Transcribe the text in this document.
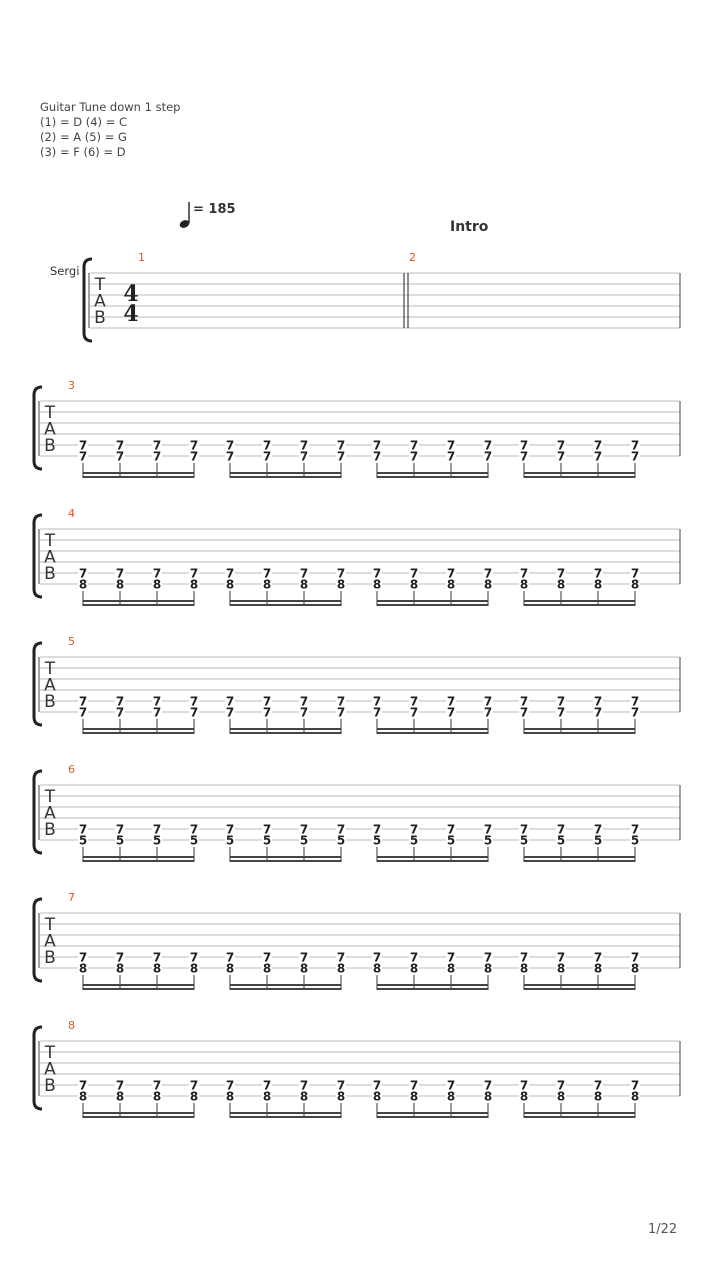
Guitar Tune down 1 step
(1) = D (4) = C
(2) = A (5) = G
(3) = F (6) = D
= 185
Intro
Sergi
T
A
B
4
4
1	2
T
A
B
3
7
7
7
7
7
7
7
7
7
7
7
7
7
7
7
7
7
7
7
7
7
7
7
7
7
7
7
7
7
7
7
7
T
A
B
4
7
8
7
8
7
8
7
8
7
8
7
8
7
8
7
8
7
8
7
8
7
8
7
8
7
8
7
8
7
8
7
8
T
A
B
5
7
7
7
7
7
7
7
7
7
7
7
7
7
7
7
7
7
7
7
7
7
7
7
7
7
7
7
7
7
7
7
7
T
A
B
6
7
5
7
5
7
5
7
5
7
5
7
5
7
5
7
5
7
5
7
5
7
5
7
5
7
5
7
5
7
5
7
5
T
A
B
7
7
8
7
8
7
8
7
8
7
8
7
8
7
8
7
8
7
8
7
8
7
8
7
8
7
8
7
8
7
8
7
8
T
A
B
8
7
8
7
8
7
8
7
8
7
8
7
8
7
8
7
8
7
8
7
8
7
8
7
8
7
8
7
8
7
8
7
8
1/22
